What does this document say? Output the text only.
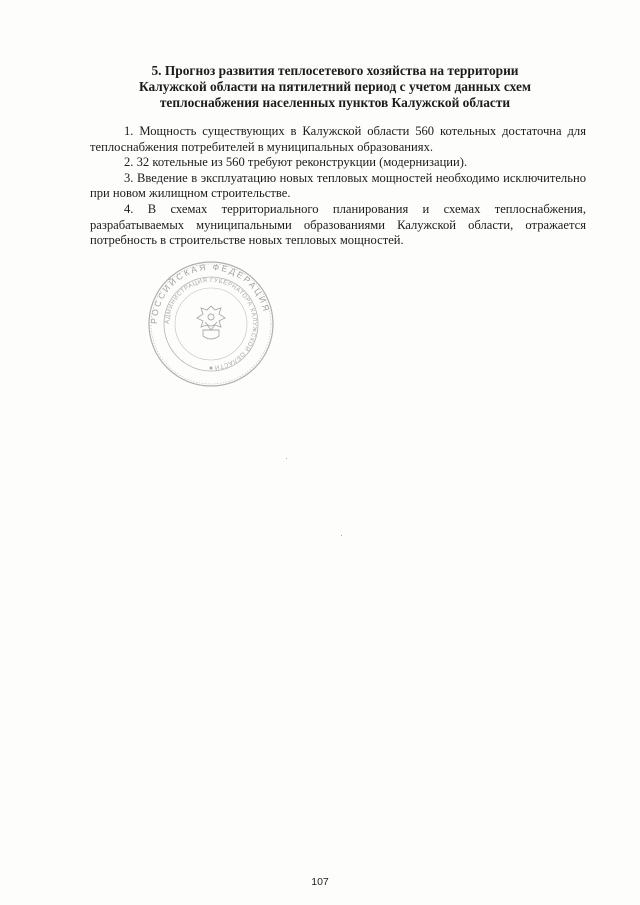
5. Прогноз развития теплосетевого хозяйства на территории
Калужской области на пятилетний период с учетом данных схем
теплоснабжения населенных пунктов Калужской области

1. Мощность существующих в Калужской области 560 котельных достаточна для теплоснабжения потребителей в муниципальных образованиях.

2. 32 котельные из 560 требуют реконструкции (модернизации).

3. Введение в эксплуатацию новых тепловых мощностей необходимо исключительно при новом жилищном строительстве.

4. В схемах территориального планирования и схемах теплоснабжения, разрабатываемых муниципальными образованиями Калужской области, отражается потребность в строительстве новых тепловых мощностей.

РОССИЙСКАЯ ФЕДЕРАЦИЯ
АДМИНИСТРАЦИЯ ГУБЕРНАТОРА КАЛУЖСКОЙ ОБЛАСТИ
107
